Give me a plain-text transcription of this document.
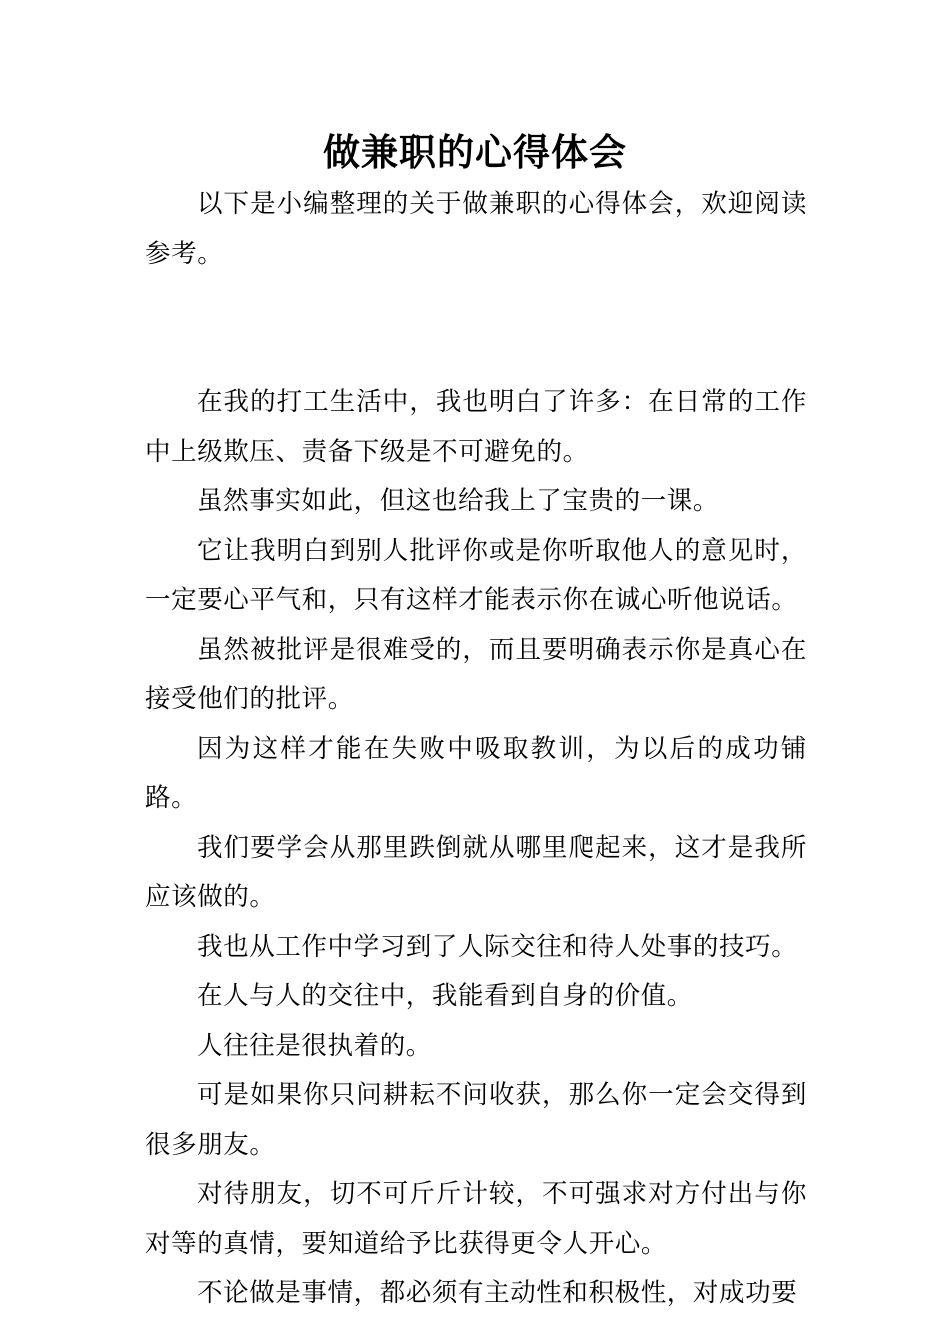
做兼职的心得体会

以下是小编整理的关于做兼职的心得体会，欢迎阅读参考。

在我的打工生活中，我也明白了许多：在日常的工作中上级欺压、责备下级是不可避免的。

虽然事实如此，但这也给我上了宝贵的一课。

它让我明白到别人批评你或是你听取他人的意见时，一定要心平气和，只有这样才能表示你在诚心听他说话。

虽然被批评是很难受的，而且要明确表示你是真心在接受他们的批评。

因为这样才能在失败中吸取教训，为以后的成功铺路。

我们要学会从那里跌倒就从哪里爬起来，这才是我所应该做的。

我也从工作中学习到了人际交往和待人处事的技巧。

在人与人的交往中，我能看到自身的价值。

人往往是很执着的。

可是如果你只问耕耘不问收获，那么你一定会交得到很多朋友。

对待朋友，切不可斤斤计较，不可强求对方付出与你对等的真情，要知道给予比获得更令人开心。

不论做是事情，都必须有主动性和积极性，对成功要
